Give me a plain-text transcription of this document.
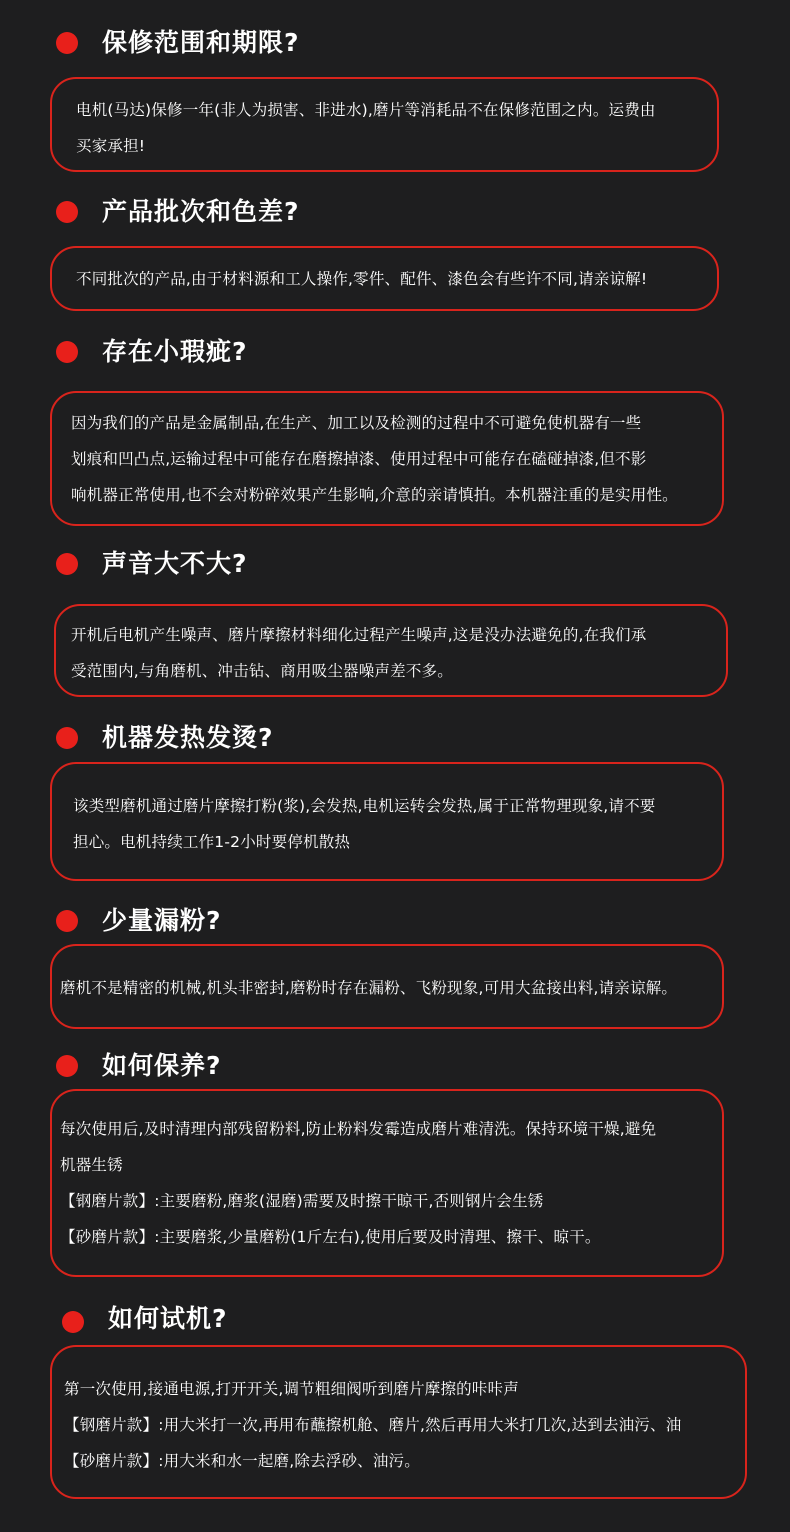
保修范围和期限?
电机(马达)保修一年(非人为损害、非进水),磨片等消耗品不在保修范围之内。运费由
买家承担!
产品批次和色差?
不同批次的产品,由于材料源和工人操作,零件、配件、漆色会有些许不同,请亲谅解!
存在小瑕疵?
因为我们的产品是金属制品,在生产、加工以及检测的过程中不可避免使机器有一些
划痕和凹凸点,运输过程中可能存在磨擦掉漆、使用过程中可能存在磕碰掉漆,但不影
响机器正常使用,也不会对粉碎效果产生影响,介意的亲请慎拍。本机器注重的是实用性。
声音大不大?
开机后电机产生噪声、磨片摩擦材料细化过程产生噪声,这是没办法避免的,在我们承
受范围内,与角磨机、冲击钻、商用吸尘器噪声差不多。
机器发热发烫?
该类型磨机通过磨片摩擦打粉(浆),会发热,电机运转会发热,属于正常物理现象,请不要
担心。电机持续工作1-2小时要停机散热
少量漏粉?
磨机不是精密的机械,机头非密封,磨粉时存在漏粉、飞粉现象,可用大盆接出料,请亲谅解。
如何保养?
每次使用后,及时清理内部残留粉料,防止粉料发霉造成磨片难清洗。保持环境干燥,避免
机器生锈
【钢磨片款】:主要磨粉,磨浆(湿磨)需要及时擦干晾干,否则钢片会生锈
【砂磨片款】:主要磨浆,少量磨粉(1斤左右),使用后要及时清理、擦干、晾干。
如何试机?
第一次使用,接通电源,打开开关,调节粗细阀听到磨片摩擦的咔咔声
【钢磨片款】:用大米打一次,再用布蘸擦机舱、磨片,然后再用大米打几次,达到去油污、油
【砂磨片款】:用大米和水一起磨,除去浮砂、油污。
